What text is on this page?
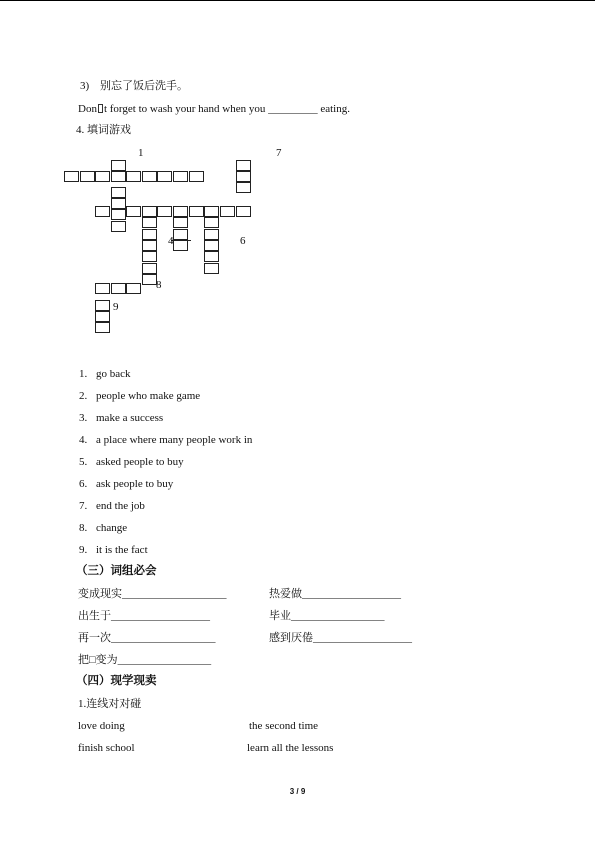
3) 别忘了饭后洗手。
Don t forget to wash your hand when you _________ eating.
4. 填词游戏
1	7
4	6
8
9
1. go back
2. people who make game
3. make a success
4. a place where many people work in
5. asked people to buy
6. ask people to buy
7. end the job
8. change
9. it is the fact
（三）词组必会
变成现实___________________	热爱做__________________
出生于__________________	毕业_________________
再一次___________________	感到厌倦__________________
把□变为_________________
（四）现学现卖
1.连线对对碰
love doing	the second time
finish school	learn all the lessons
3 / 9
